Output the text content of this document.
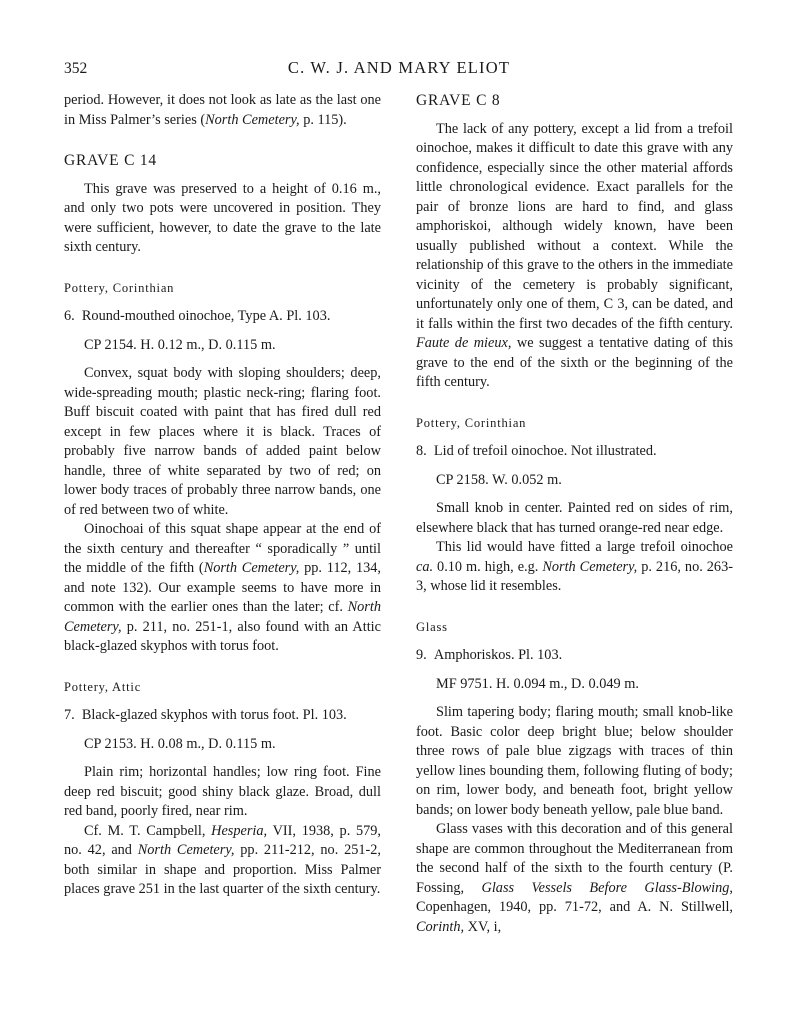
352	C. W. J. AND MARY ELIOT

period. However, it does not look as late as the last one in Miss Palmer’s series (North Cemetery, p. 115).

GRAVE C 14

This grave was preserved to a height of 0.16 m., and only two pots were uncovered in position. They were sufficient, however, to date the grave to the late sixth century.

Pottery, Corinthian

6. Round-mouthed oinochoe, Type A. Pl. 103.

CP 2154. H. 0.12 m., D. 0.115 m.

Convex, squat body with sloping shoulders; deep, wide-spreading mouth; plastic neck-ring; flaring foot. Buff biscuit coated with paint that has fired dull red except in few places where it is black. Traces of probably five narrow bands of added paint below handle, three of white separated by two of red; on lower body traces of probably three narrow bands, one of red between two of white.

Oinochoai of this squat shape appear at the end of the sixth century and thereafter “ sporadically ” until the middle of the fifth (North Cemetery, pp. 112, 134, and note 132). Our example seems to have more in common with the earlier ones than the later; cf. North Cemetery, p. 211, no. 251-1, also found with an Attic black-glazed skyphos with torus foot.

Pottery, Attic

7. Black-glazed skyphos with torus foot. Pl. 103.

CP 2153. H. 0.08 m., D. 0.115 m.

Plain rim; horizontal handles; low ring foot. Fine deep red biscuit; good shiny black glaze. Broad, dull red band, poorly fired, near rim.

Cf. M. T. Campbell, Hesperia, VII, 1938, p. 579, no. 42, and North Cemetery, pp. 211-212, no. 251-2, both similar in shape and proportion. Miss Palmer places grave 251 in the last quarter of the sixth century.

GRAVE C 8

The lack of any pottery, except a lid from a trefoil oinochoe, makes it difficult to date this grave with any confidence, especially since the other material affords little chronological evidence. Exact parallels for the pair of bronze lions are hard to find, and glass amphoriskoi, although widely known, have been usually published without a context. While the relationship of this grave to the others in the immediate vicinity of the cemetery is probably significant, unfortunately only one of them, C 3, can be dated, and it falls within the first two decades of the fifth century. Faute de mieux, we suggest a tentative dating of this grave to the end of the sixth or the beginning of the fifth century.

Pottery, Corinthian

8. Lid of trefoil oinochoe. Not illustrated.

CP 2158. W. 0.052 m.

Small knob in center. Painted red on sides of rim, elsewhere black that has turned orange-red near edge.

This lid would have fitted a large trefoil oinochoe ca. 0.10 m. high, e.g. North Cemetery, p. 216, no. 263-3, whose lid it resembles.

Glass

9. Amphoriskos. Pl. 103.

MF 9751. H. 0.094 m., D. 0.049 m.

Slim tapering body; flaring mouth; small knob-like foot. Basic color deep bright blue; below shoulder three rows of pale blue zigzags with traces of thin yellow lines bounding them, following fluting of body; on rim, lower body, and beneath foot, bright yellow bands; on lower body beneath yellow, pale blue band.

Glass vases with this decoration and of this general shape are common throughout the Mediterranean from the second half of the sixth to the fourth century (P. Fossing, Glass Vessels Before Glass-Blowing, Copenhagen, 1940, pp. 71-72, and A. N. Stillwell, Corinth, XV, i,
